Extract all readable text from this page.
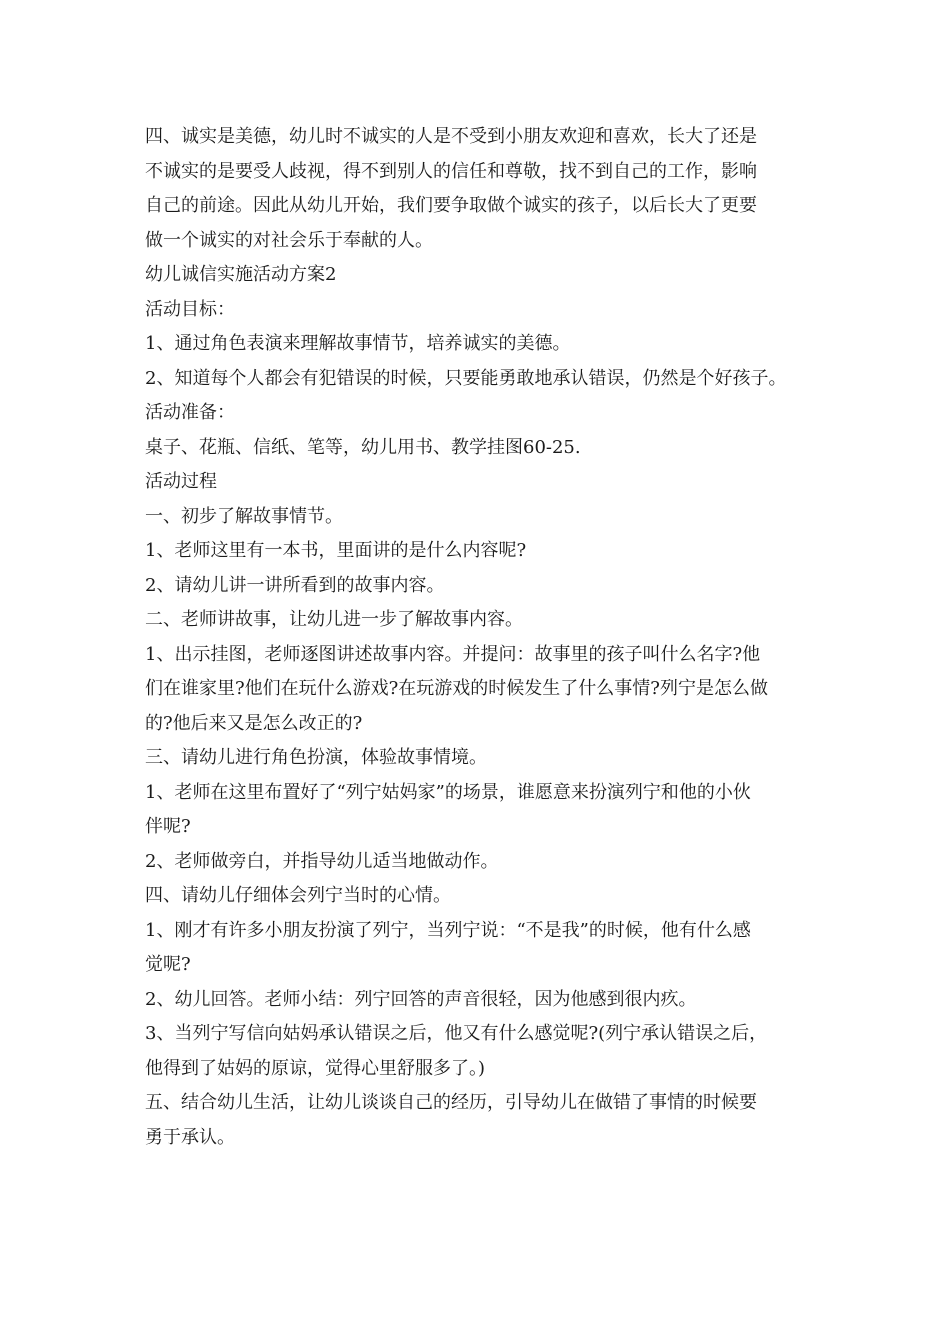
四、诚实是美德，幼儿时不诚实的人是不受到小朋友欢迎和喜欢，长大了还是

不诚实的是要受人歧视，得不到别人的信任和尊敬，找不到自己的工作，影响

自己的前途。因此从幼儿开始，我们要争取做个诚实的孩子，以后长大了更要

做一个诚实的对社会乐于奉献的人。

幼儿诚信实施活动方案2

活动目标：

1、通过角色表演来理解故事情节，培养诚实的美德。

2、知道每个人都会有犯错误的时候，只要能勇敢地承认错误，仍然是个好孩子。

活动准备：

桌子、花瓶、信纸、笔等，幼儿用书、教学挂图60-25.

活动过程

一、初步了解故事情节。

1、老师这里有一本书，里面讲的是什么内容呢?

2、请幼儿讲一讲所看到的故事内容。

二、老师讲故事，让幼儿进一步了解故事内容。

1、出示挂图，老师逐图讲述故事内容。并提问：故事里的孩子叫什么名字?他

们在谁家里?他们在玩什么游戏?在玩游戏的时候发生了什么事情?列宁是怎么做

的?他后来又是怎么改正的?

三、请幼儿进行角色扮演，体验故事情境。

1、老师在这里布置好了“列宁姑妈家”的场景，谁愿意来扮演列宁和他的小伙

伴呢?

2、老师做旁白，并指导幼儿适当地做动作。

四、请幼儿仔细体会列宁当时的心情。

1、刚才有许多小朋友扮演了列宁，当列宁说：“不是我”的时候，他有什么感

觉呢?

2、幼儿回答。老师小结：列宁回答的声音很轻，因为他感到很内疚。

3、当列宁写信向姑妈承认错误之后，他又有什么感觉呢?(列宁承认错误之后，

他得到了姑妈的原谅，觉得心里舒服多了。)

五、结合幼儿生活，让幼儿谈谈自己的经历，引导幼儿在做错了事情的时候要

勇于承认。
